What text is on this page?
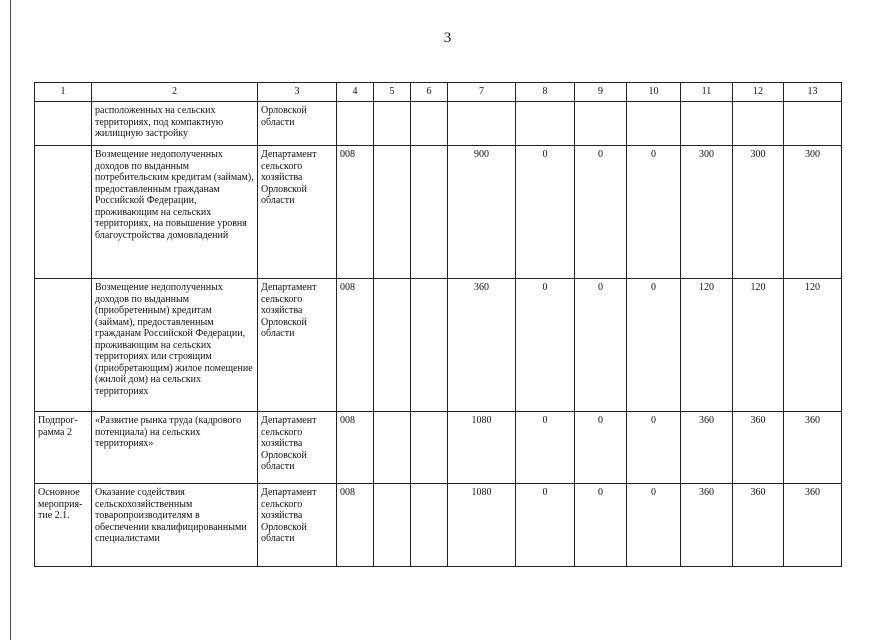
3
1	2	3	4	5	6	7	8	9	10	11	12	13
	расположенных на сельских территориях, под компактную жилищную застройку	Орловской области										
	Возмещение недополученных доходов по выданным потребительским кредитам (займам), предоставленным гражданам Российской Федерации, проживающим на сельских территориях, на повышение уровня благоустройства домовладений	Департамент сельского хозяйства Орловской области	008			900	0	0	0	300	300	300
	Возмещение недополученных доходов по выданным (приобретенным) кредитам (займам), предоставленным гражданам Российской Федерации, проживающим на сельских территориях или строящим (приобретающим) жилое помещение (жилой дом) на сельских территориях	Департамент сельского хозяйства Орловской области	008			360	0	0	0	120	120	120
Подпрог-рамма 2	«Развитие рынка труда (кадрового потенциала) на сельских территориях»	Департамент сельского хозяйства Орловской области	008			1080	0	0	0	360	360	360
Основное мероприя-тие 2.1.	Оказание содействия сельскохозяйственным товаропроизводителям в обеспечении квалифицированными специалистами	Департамент сельского хозяйства Орловской области	008			1080	0	0	0	360	360	360
